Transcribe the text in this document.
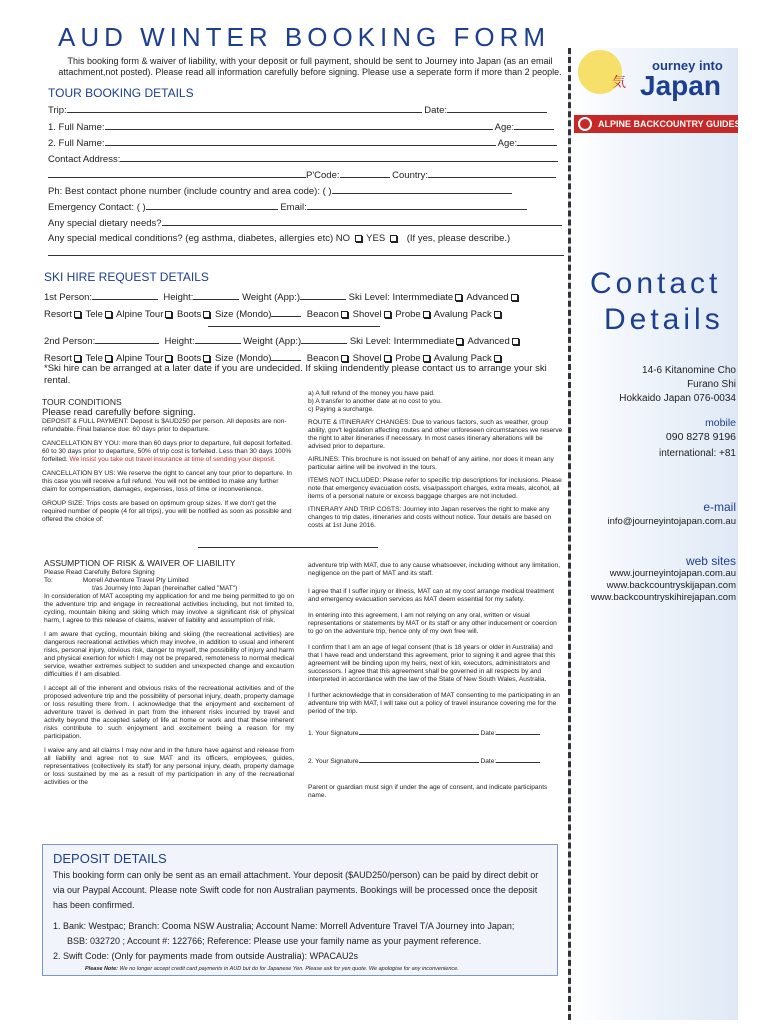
気
ourney into
Japan
ALPINE BACKCOUNTRY GUIDES
Contact
Details
14-6 Kitanomine Cho
Furano Shi
Hokkaido Japan 076-0034
mobile
090 8278 9196
international: +81
e-mail
info@journeyintojapan.com.au
web sites
www.journeyintojapan.com.au
www.backcountryskijapan.com
www.backcountryskihirejapan.com
AUD WINTER BOOKING FORM
This booking form & waiver of liability, with your deposit or full payment, should be sent to Journey into Japan (as an email attachment,not posted). Please read all information carefully before signing. Please use a seperate form if more than 2 people.
TOUR BOOKING DETAILS
Trip:	Date:
1. Full Name:	Age:
2. Full Name:	Age:
Contact Address:
P'Code:	Country:
Ph: Best contact phone number (include country and area code): ( )
Emergency Contact: ( )	Email:
Any special dietary needs?
Any special medical conditions? (eg asthma, diabetes, allergies etc) NO YES (If yes, please describe.)
SKI HIRE REQUEST DETAILS
1st Person:	Height:	Weight (App:)	Ski Level: Intermmediate Advanced
Resort Tele Alpine Tour Boots Size (Mondo)	Beacon Shovel Probe Avalung Pack
2nd Person:	Height:	Weight (App:)	Ski Level: Intermmediate Advanced
Resort Tele Alpine Tour Boots Size (Mondo)	Beacon Shovel Probe Avalung Pack
*Ski hire can be arranged at a later date if you are undecided. If skiing indendently please contact us to arrange your ski rental.
TOUR CONDITIONS
Please read carefully before signing.

DEPOSIT & FULL PAYMENT: Deposit is $AUD250 per person. All deposits are non-refundable. Final balance due: 60 days prior to departure.

CANCELLATION BY YOU: more than 60 days prior to departure, full deposit forfeited. 60 to 30 days prior to departure, 50% of trip cost is forfeited. Less than 30 days 100% forfeited. We insist you take out travel insurance at time of sending your deposit.

CANCELLATION BY US: We reserve the right to cancel any tour prior to departure. In this case you will receive a full refund. You will not be entitled to make any further claim for compensation, damages, expenses, loss of time or inconvenience.

GROUP SIZE: Trips costs are based on optimum group sizes. If we don't get the required number of people (4 for all trips), you will be notified as soon as possible and offered the choice of:

a) A full refund of the money you have paid.

b) A transfer to another date at no cost to you.

c) Paying a surcharge.

ROUTE & ITINERARY CHANGES: Due to various factors, such as weather, group ability, gov't legislation affecting routes and other unforeseen circumstances we reserve the right to alter itineraries if necessary. In most cases itinerary alterations will be advised prior to departure.

AIRLINES: This brochure is not issued on behalf of any airline, nor does it mean any particular airline will be involved in the tours.

ITEMS NOT INCLUDED: Please refer to specific trip descriptions for inclusions. Please note that emergency evacuation costs, visa/passport charges, extra meals, alcohol, all items of a personal nature or excess baggage charges are not included.

ITINERARY AND TRIP COSTS: Journey into Japan reserves the right to make any changes to trip dates, itineraries and costs without notice. Tour details are based on costs at 1st June 2016.

ASSUMPTION OF RISK & WAIVER OF LIABILITY

Please Read Carefully Before Signing

To:	Morrell Adventure Travel Pty Limited

t/as Journey Into Japan (hereinafter called "MAT")

In consideration of MAT accepting my application for and me being permitted to go on the adventure trip and engage in recreational activities including, but not limited to, cycling, mountain biking and skiing which may involve a significant risk of physical harm, I agree to this release of claims, waiver of liability and assumption of risk.

I am aware that cycling, mountain biking and skiing (the recreational activities) are dangerous recreational activities which may involve, in addition to usual and inherent risks, personal injury, obvious risk, danger to myself, the possibility of injury and harm and physical exertion for which I may not be prepared, remoteness to normal medical service, weather extremes subject to sudden and unexpected change and excaution difficulties if I am disabled.

I accept all of the inherent and obvious risks of the recreational activities and of the proposed adventure trip and the possibility of personal injury, death, property damage or loss resulting there from. I acknowledge that the enjoyment and excitement of adventure travel is derived in part from the inherent risks incurred by travel and activity beyond the accepted safety of life at home or work and that these inherent risks contribute to such enjoyment and excitement being a reason for my participation.

I waive any and all claims I may now and in the future have against and release from all liability and agree not to sue MAT and its officers, employees, guides, representatives (collectively its staff) for any personal injury, death, property damage or loss sustained by me as a result of my participation in any of the recreational activities or the

adventure trip with MAT, due to any cause whatsoever, including without any limitation, negligence on the part of MAT and its staff.

I agree that if I suffer injury or illness, MAT can at my cost arrange medical treatment and emergency evacuation services as MAT deem essential for my safety.

In entering into this agreement, I am not relying on any oral, written or visual representations or statements by MAT or its staff or any other inducement or coercion to go on the adventure trip, hence only of my own free will.

I confirm that I am an age of legal consent (that is 18 years or older in Australia) and that I have read and understand this agreement, prior to signing it and agree that this agreement will be binding upon my heirs, next of kin, executors, administrators and successors. I agree that this agreement shall be governed in all respects by and interpreted in accordance with the law of the State of New South Wales, Australia.

I further acknowledge that in consideration of MAT consenting to me participating in an adventure trip with MAT, I will take out a policy of travel insurance covering me for the period of the trip.

1. Your Signature	Date:

2. Your Signature	Date:

Parent or guardian must sign if under the age of consent, and indicate participants name.

DEPOSIT DETAILS
This booking form can only be sent as an email attachment. Your deposit ($AUD250/person) can be paid by direct debit or via our Paypal Account. Please note Swift code for non Australian payments. Bookings will be processed once the deposit has been confirmed.
1. Bank: Westpac; Branch: Cooma NSW Australia; Account Name: Morrell Adventure Travel T/A Journey into Japan;
BSB: 032720 ; Account #: 122766; Reference: Please use your family name as your payment reference.
2. Swift Code: (Only for payments made from outside Australia): WPACAU2s
Please Note: We no longer accept credit card payments in AUD but do for Japanese Yen. Please ask for yen quote. We apologise for any inconvenience.
